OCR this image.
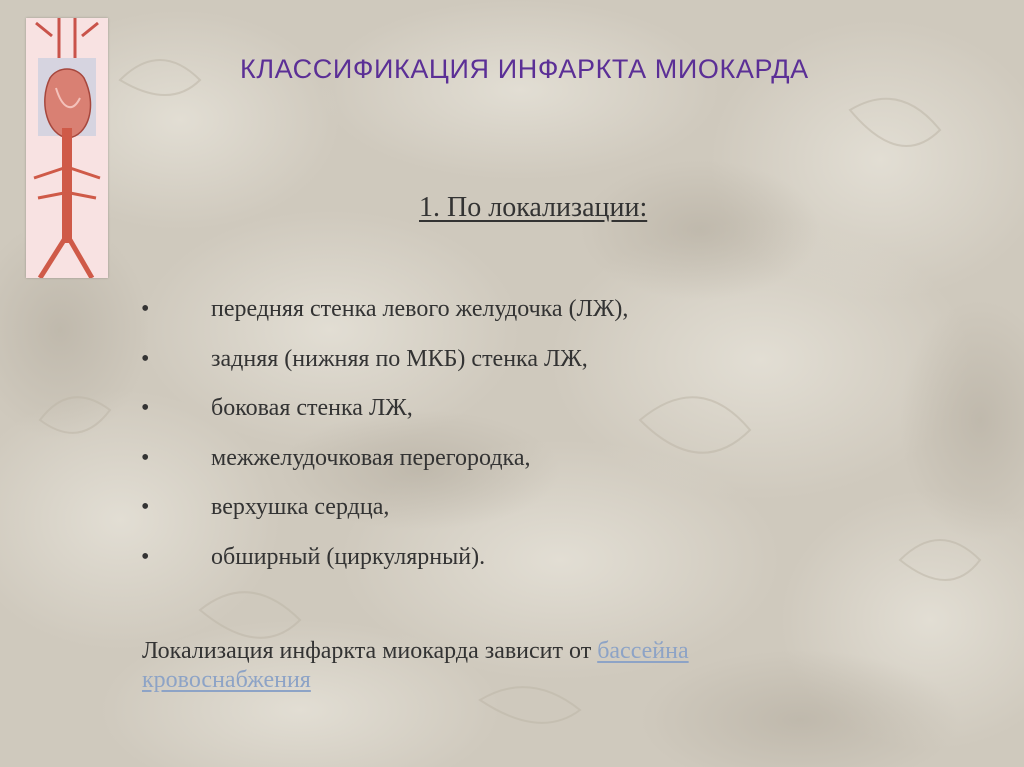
КЛАССИФИКАЦИЯ ИНФАРКТА МИОКАРДА
1. По локализации:
•	передняя стенка левого желудочка (ЛЖ),
•	задняя (нижняя по МКБ) стенка ЛЖ,
•	боковая стенка ЛЖ,
•	межжелудочковая перегородка,
•	верхушка сердца,
•	обширный (циркулярный).
Локализация инфаркта миокарда зависит от бассейна кровоснабжения
